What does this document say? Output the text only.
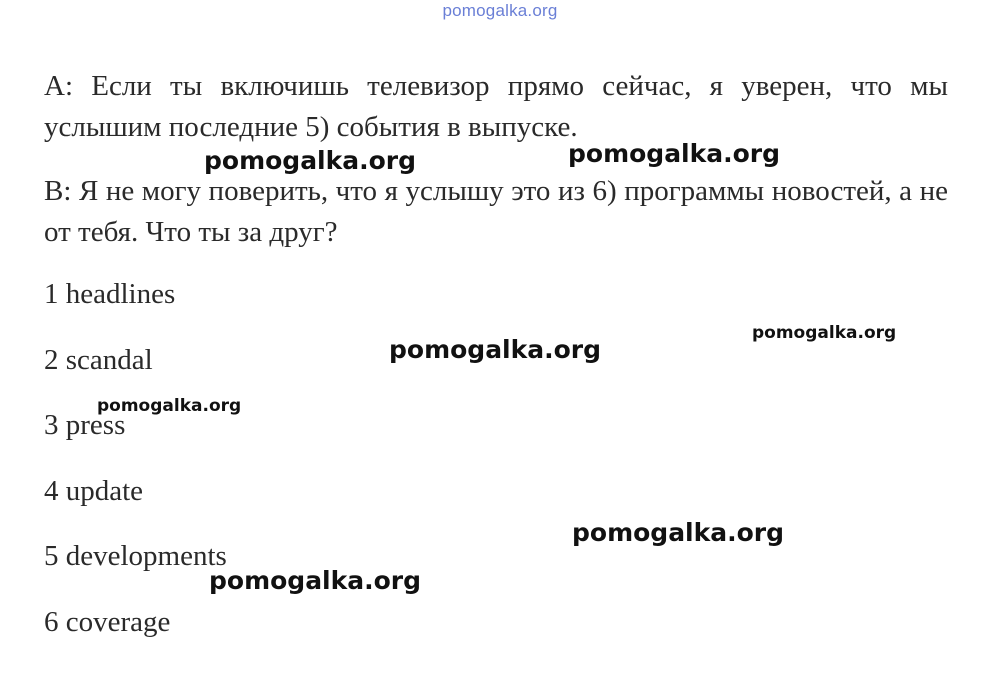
pomogalka.org
A: Если ты включишь телевизор прямо сейчас, я уверен, что мы услышим последние 5) события в выпуске.
B: Я не могу поверить, что я услышу это из 6) программы новостей, а не от тебя. Что ты за друг?
1 headlines
2 scandal
3 press
4 update
5 developments
6 coverage
pomogalka.org	pomogalka.org
pomogalka.org
pomogalka.org
pomogalka.org
pomogalka.org
pomogalka.org
